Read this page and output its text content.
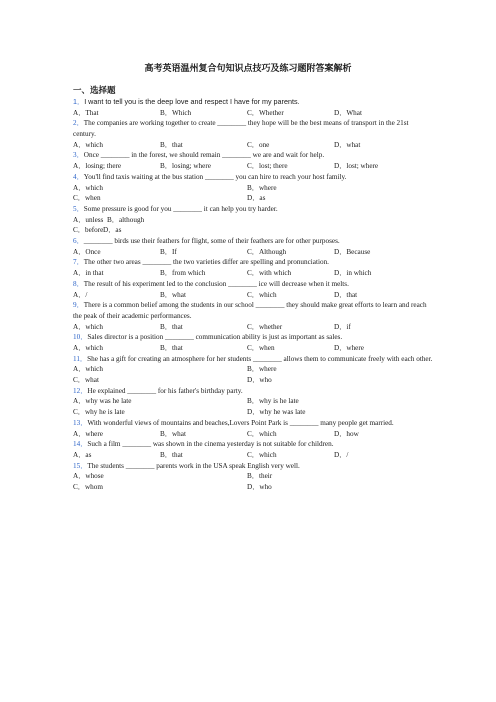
高考英语温州复合句知识点技巧及练习题附答案解析
一、选择题
1．I want to tell you is the deep love and respect I have for my parents.
A．That	B．Which	C．Whether	D．What
2．The companies are working together to create ________ they hope will be the best means of transport in the 21st century.
A．which	B．that	C．one	D．what
3．Once ________ in the forest, we should remain ________ we are and wait for help.
A．losing; there	B．losing; where	C．lost; there	D．lost; where
4．You'll find taxis waiting at the bus station ________ you can hire to reach your host family.
A．which	B．where
C．when	D．as
5．Some pressure is good for you ________ it can help you try harder.
A．unless B．although
C．before D．as
6．________ birds use their feathers for flight, some of their feathers are for other purposes.
A．Once	B．If	C．Although	D．Because
7．The other two areas ________ the two varieties differ are spelling and pronunciation.
A．in that	B．from which	C．with which	D．in which
8．The result of his experiment led to the conclusion ________ ice will decrease when it melts.
A．/	B．what	C．which	D．that
9．There is a common belief among the students in our school ________ they should make great efforts to learn and reach the peak of their academic performances.
A．which	B．that	C．whether	D．if
10．Sales director is a position ________ communication ability is just as important as sales.
A．which	B．that	C．when	D．where
11．She has a gift for creating an atmosphere for her students ________ allows them to communicate freely with each other.
A．which	B．where
C．what	D．who
12．He explained ________ for his father's birthday party.
A．why was he late	B．why is he late
C．why he is late	D．why he was late
13．With wonderful views of mountains and beaches,Lovers Point Park is ________ many people get married.
A．where	B．what	C．which	D．how
14．Such a film ________ was shown in the cinema yesterday is not suitable for children.
A．as	B．that	C．which	D．/
15．The students ________ parents work in the USA speak English very well.
A．whose	B．their
C．whom	D．who
